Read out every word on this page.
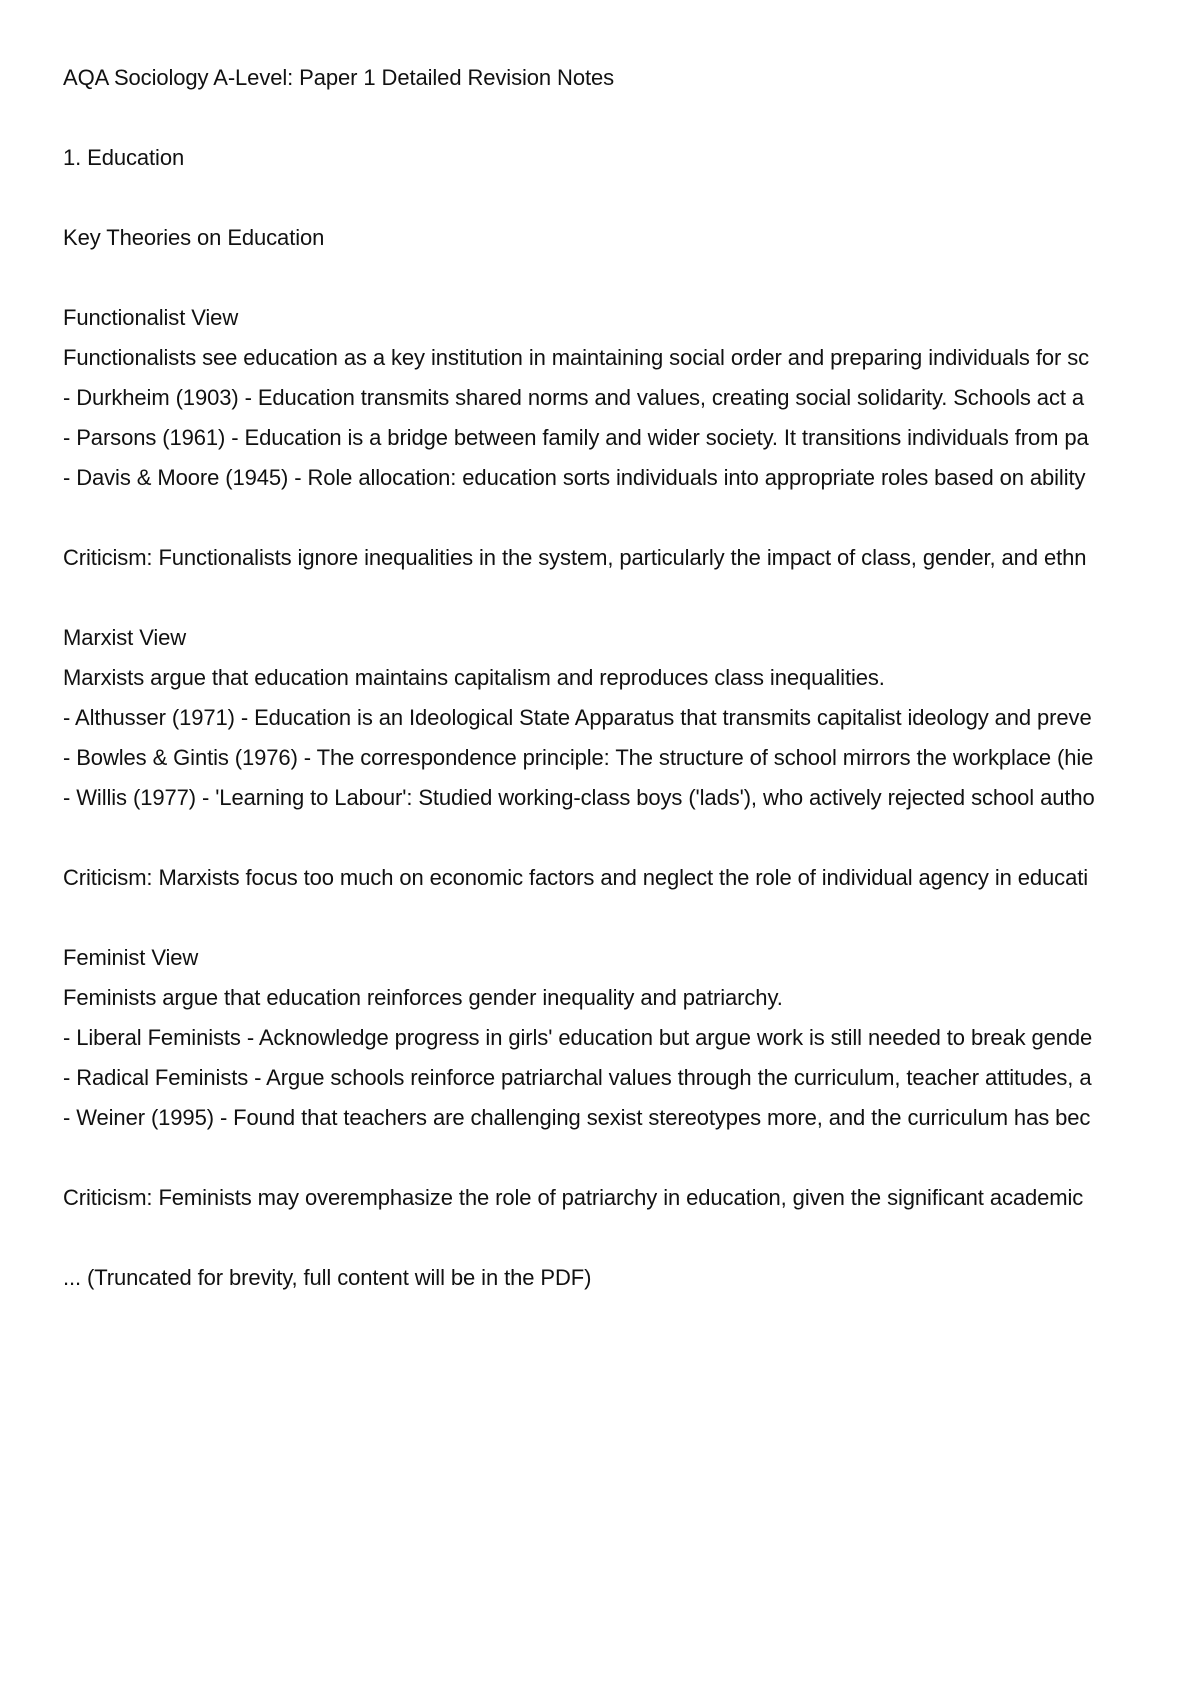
AQA Sociology A-Level: Paper 1 Detailed Revision Notes
1. Education
Key Theories on Education
Functionalist View
Functionalists see education as a key institution in maintaining social order and preparing individuals for sc
- Durkheim (1903) - Education transmits shared norms and values, creating social solidarity. Schools act a
- Parsons (1961) - Education is a bridge between family and wider society. It transitions individuals from pa
- Davis & Moore (1945) - Role allocation: education sorts individuals into appropriate roles based on ability
Criticism: Functionalists ignore inequalities in the system, particularly the impact of class, gender, and ethn
Marxist View
Marxists argue that education maintains capitalism and reproduces class inequalities.
- Althusser (1971) - Education is an Ideological State Apparatus that transmits capitalist ideology and preve
- Bowles & Gintis (1976) - The correspondence principle: The structure of school mirrors the workplace (hie
- Willis (1977) - 'Learning to Labour': Studied working-class boys ('lads'), who actively rejected school autho
Criticism: Marxists focus too much on economic factors and neglect the role of individual agency in educati
Feminist View
Feminists argue that education reinforces gender inequality and patriarchy.
- Liberal Feminists - Acknowledge progress in girls' education but argue work is still needed to break gende
- Radical Feminists - Argue schools reinforce patriarchal values through the curriculum, teacher attitudes, a
- Weiner (1995) - Found that teachers are challenging sexist stereotypes more, and the curriculum has bec
Criticism: Feminists may overemphasize the role of patriarchy in education, given the significant academic
... (Truncated for brevity, full content will be in the PDF)
